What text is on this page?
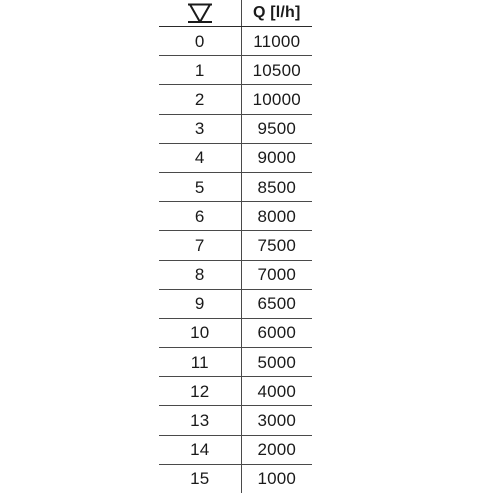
	Q [l/h]
0	11000
1	10500
2	10000
3	9500
4	9000
5	8500
6	8000
7	7500
8	7000
9	6500
10	6000
11	5000
12	4000
13	3000
14	2000
15	1000
